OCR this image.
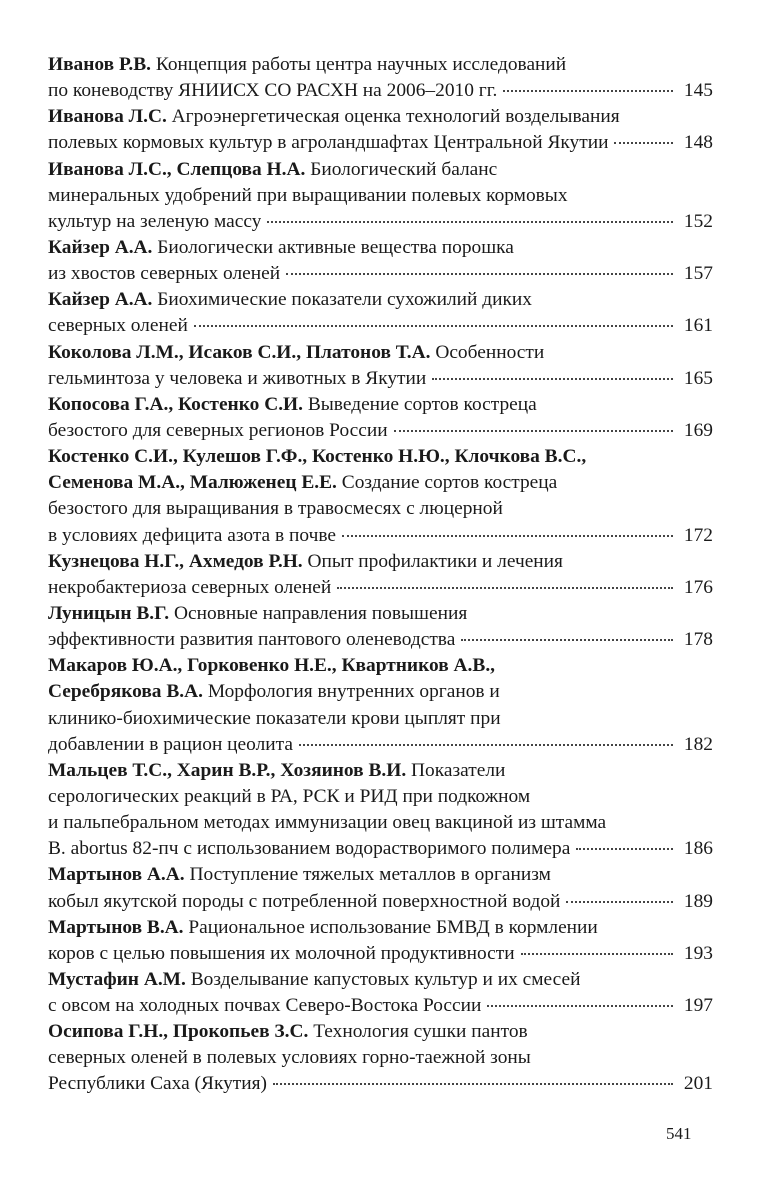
Иванов Р.В. Концепция работы центра научных исследований
по коневодству ЯНИИСХ СО РАСХН на 2006–2010 гг.	145
Иванова Л.С. Агроэнергетическая оценка технологий возделывания
полевых кормовых культур в агроландшафтах Центральной Якутии	148
Иванова Л.С., Слепцова Н.А. Биологический баланс
минеральных удобрений при выращивании полевых кормовых
культур на зеленую массу	152
Кайзер А.А. Биологически активные вещества порошка
из хвостов северных оленей	157
Кайзер А.А. Биохимические показатели сухожилий диких
северных оленей	161
Коколова Л.М., Исаков С.И., Платонов Т.А. Особенности
гельминтоза у человека и животных в Якутии	165
Копосова Г.А., Костенко С.И. Выведение сортов костреца
безостого для северных регионов России	169
Костенко С.И., Кулешов Г.Ф., Костенко Н.Ю., Клочкова В.С.,
Семенова М.А., Малюженец Е.Е. Создание сортов костреца
безостого для выращивания в травосмесях с люцерной
в условиях дефицита азота в почве	172
Кузнецова Н.Г., Ахмедов Р.Н. Опыт профилактики и лечения
некробактериоза северных оленей	176
Луницын В.Г. Основные направления повышения
эффективности развития пантового оленеводства	178
Макаров Ю.А., Горковенко Н.Е., Квартников А.В.,
Серебрякова В.А. Морфология внутренних органов и
клинико-биохимические показатели крови цыплят при
добавлении в рацион цеолита	182
Мальцев Т.С., Харин В.Р., Хозяинов В.И. Показатели
серологических реакций в РА, РСК и РИД при подкожном
и пальпебральном методах иммунизации овец вакциной из штамма
B. abortus 82-пч с использованием водорастворимого полимера	186
Мартынов А.А. Поступление тяжелых металлов в организм
кобыл якутской породы с потребленной поверхностной водой	189
Мартынов В.А. Рациональное использование БМВД в кормлении
коров с целью повышения их молочной продуктивности	193
Мустафин А.М. Возделывание капустовых культур и их смесей
с овсом на холодных почвах Северо-Востока России	197
Осипова Г.Н., Прокопьев З.С. Технология сушки пантов
северных оленей в полевых условиях горно-таежной зоны
Республики Саха (Якутия)	201
541
